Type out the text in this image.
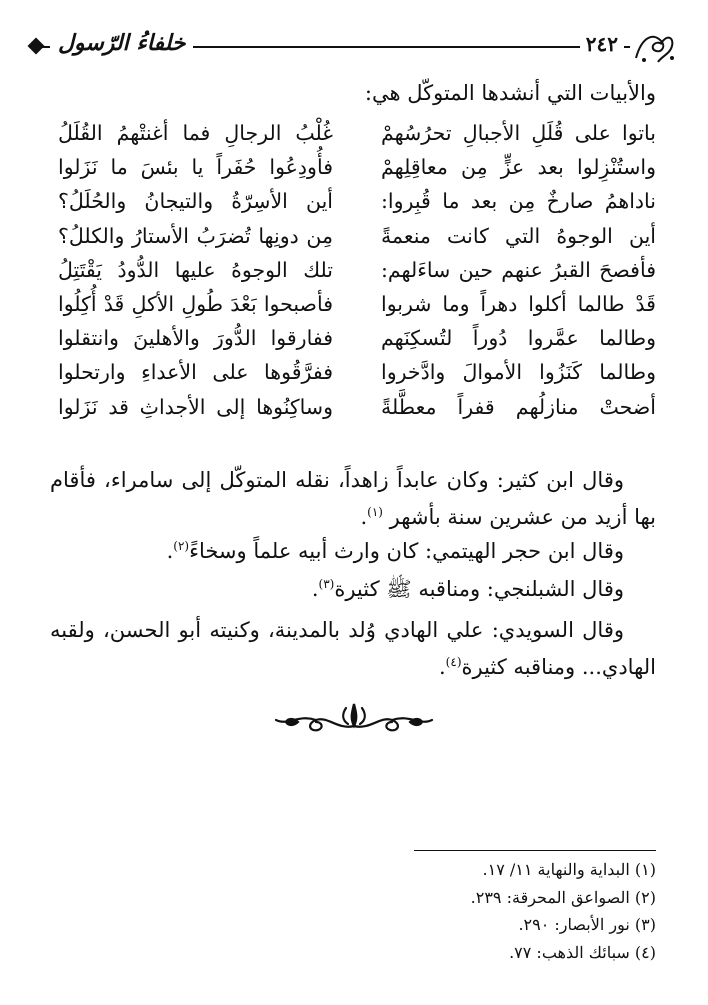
خلفاءُ الرّسول	٢٤٢
والأبيات التي أنشدها المتوكّل هي:
باتوا على قُلَلِ الأجبالِ تحرُسُهمْ
غُلْبُ الرجالِ فما أغنتْهمُ القُلَلُ
واستُنْزِلوا بعد عزٍّ مِن معاقِلِهمْ
فأُودِعُوا حُفَراً يا بئسَ ما نَزَلوا
ناداهمُ صارخٌ مِن بعد ما قُبِروا:
أين الأسِرّةُ والتيجانُ والحُلَلُ؟
أين الوجوهُ التي كانت منعمةً
مِن دونِها تُضرَبُ الأستارُ والكللُ؟
فأفصحَ القبرُ عنهم حين ساءَلهم:
تلك الوجوهُ عليها الدُّودُ يَقْتَتِلُ
قَدْ طالما أكلوا دهراً وما شربوا
فأصبحوا بَعْدَ طُولِ الأكلِ قَدْ أُكِلُوا
وطالما عمَّروا دُوراً لتُسكِنَهم
ففارقوا الدُّورَ والأهلينَ وانتقلوا
وطالما كَنَزُوا الأموالَ وادَّخروا
ففرَّقُوها على الأعداءِ وارتحلوا
أضحتْ منازلُهم قفراً معطَّلةً
وساكِنُوها إلى الأجداثِ قد نَزَلوا

وقال ابن كثير: وكان عابداً زاهداً، نقله المتوكّل إلى سامراء، فأقام بها أزيد من عشرين سنة بأشهر $^{(١)}$.

وقال ابن حجر الهيتمي: كان وارث أبيه علماً وسخاءً$^{(٢)}$.

وقال الشبلنجي: ومناقبه ﷺ كثيرة$^{(٣)}$.

وقال السويدي: علي الهادي وُلد بالمدينة، وكنيته أبو الحسن، ولقبه الهادي... ومناقبه كثيرة$^{(٤)}$.

(١) البداية والنهاية ١١/ ١٧.
(٢) الصواعق المحرقة: ٢٣٩.
(٣) نور الأبصار: ٢٩٠.
(٤) سبائك الذهب: ٧٧.
